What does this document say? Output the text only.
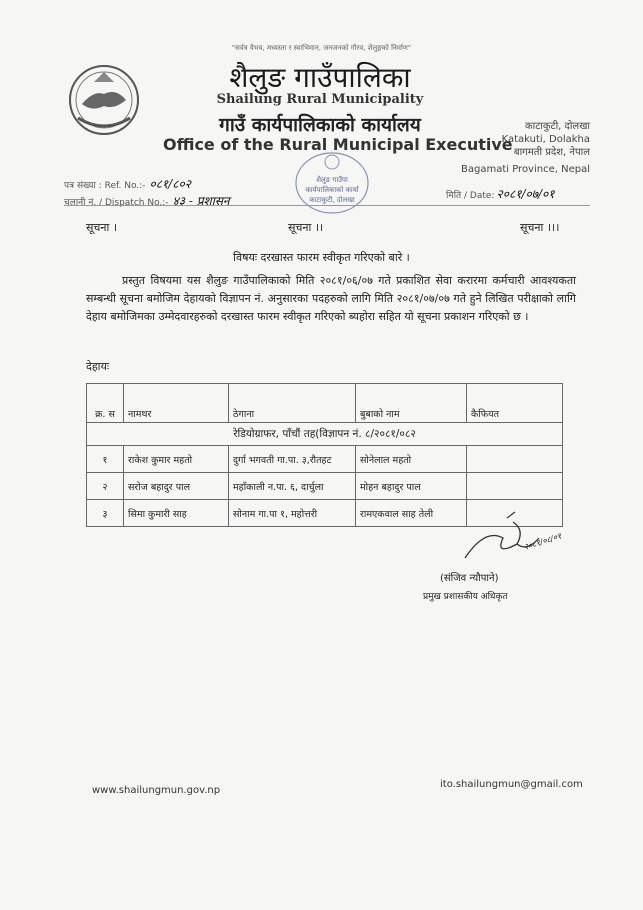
"सर्वत्र वैभव, मध्यस्ता र स्वाभिमान, जनजनको गौरव, शैलुङ्गको निर्माण"
शैलुङ गाउँपालिका
Shailung Rural Municipality
गाउँ कार्यपालिकाको कार्यालय
Office of the Rural Municipal Executive
काटाकुटी, दोलखा
Katakuti, Dolakha
बागमती प्रदेश, नेपाल
Bagamati Province, Nepal
शैलुङ गाउँपा
कार्यपालिकाको कार्या
काटाकुटी, दोलखा
पत्र संख्या : Ref. No.:- ०८१/८०२
चलानी नं. / Dispatch No.:- ४३ - प्रशासन	मिति / Date: २०८१/०७/०१
सूचना ।	सूचना ।।	सूचना ।।।
विषयः दरखास्त फारम स्वीकृत गरिएको बारे ।

प्रस्तुत विषयमा यस शैलुङ गाउँपालिकाको मिति २०८१/०६/०७ गते प्रकाशित सेवा करारमा कर्मचारी आवश्यकता सम्बन्धी सूचना बमोजिम देहायको विज्ञापन नं. अनुसारका पदहरुको लागि मिति २०८१/०७/०७ गते हुने लिखित परीक्षाको लागि देहाय बमोजिमका उम्मेदवारहरुको दरखास्त फारम स्वीकृत गरिएको ब्यहोरा सहित यो सूचना प्रकाशन गरिएको छ ।

देहायः
क्र. स	नामथर	ठेगाना	बुबाको नाम	कैफियत
रेडियोग्राफर, पाँचौं तह(विज्ञापन नं. ८/२०८१/०८२				
१	राकेश कुमार महतो	दुर्गा भगवती गा.पा. ३,रौतहट	सोनेलाल महतो	
२	सरोज बहादुर पाल	महाँकाली न.पा. ६, दार्चुला	मोहन बहादुर पाल	
३	सिमा कुमारी साह	सोनाम गा.पा १, महोत्तरी	रामएकवाल साह तेली	
२०८१/०८/०१
(संजिव न्यौपाने)
प्रमुख प्रशासकीय अधिकृत
www.shailungmun.gov.np
ito.shailungmun@gmail.com
